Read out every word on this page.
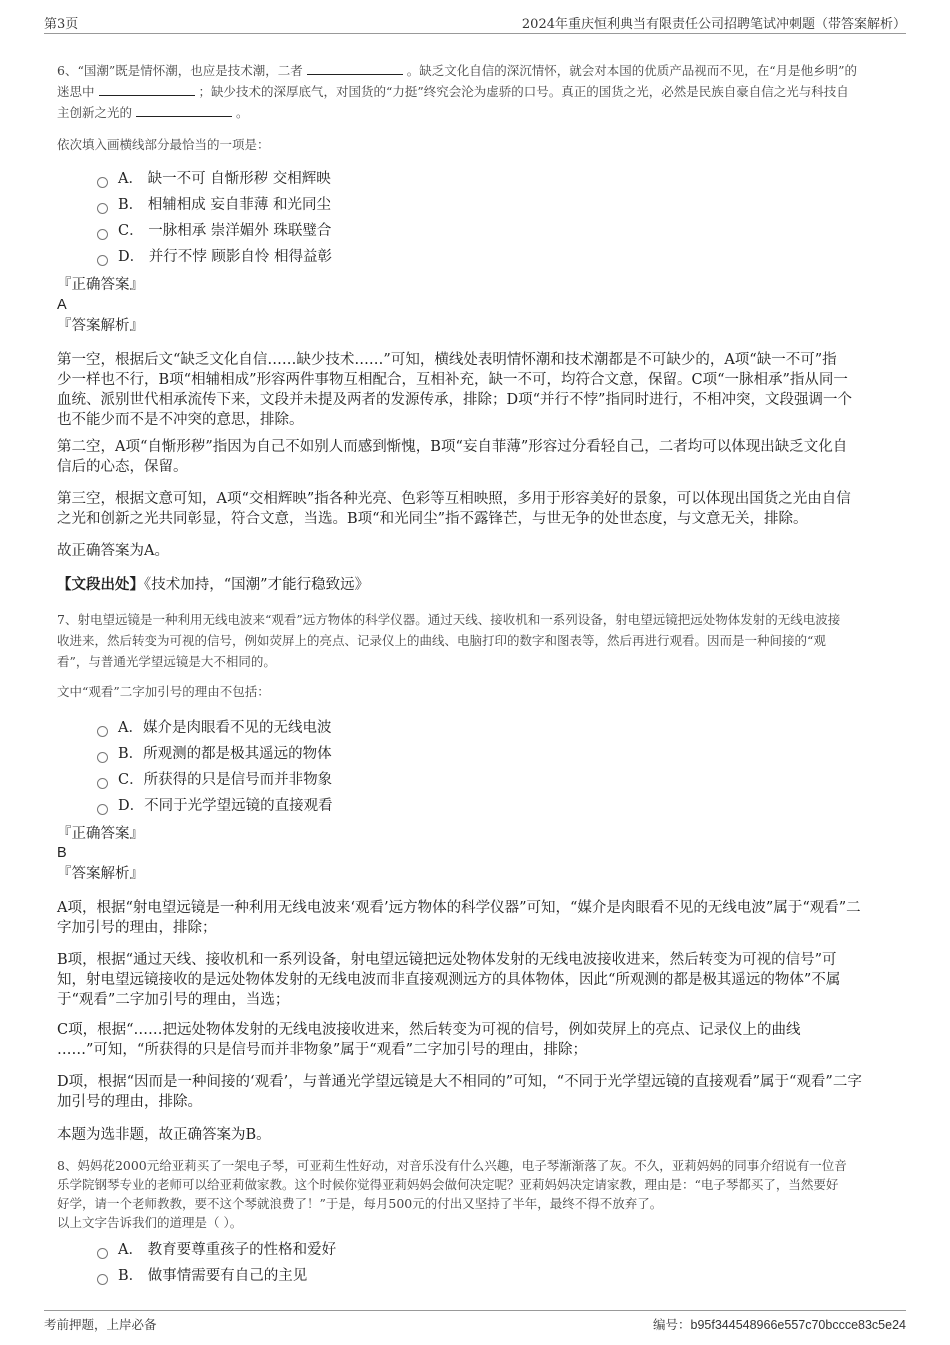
第3页	2024年重庆恒利典当有限责任公司招聘笔试冲刺题（带答案解析）
6、“国潮”既是情怀潮，也应是技术潮，二者	。缺乏文化自信的深沉情怀，就会对本国的优质产品视而不见，在“月是他乡明”的
迷思中	；缺少技术的深厚底气，对国货的“力挺”终究会沦为虚骄的口号。真正的国货之光，必然是民族自豪自信之光与科技自
主创新之光的	。
依次填入画横线部分最恰当的一项是：
A． 缺一不可 自惭形秽 交相辉映
B． 相辅相成 妄自菲薄 和光同尘
C． 一脉相承 崇洋媚外 珠联璧合
D． 并行不悖 顾影自怜 相得益彰
『正确答案』
A
『答案解析』
第一空，根据后文“缺乏文化自信……缺少技术……”可知，横线处表明情怀潮和技术潮都是不可缺少的，A项“缺一不可”指
少一样也不行，B项“相辅相成”形容两件事物互相配合，互相补充，缺一不可，均符合文意，保留。C项“一脉相承”指从同一
血统、派别世代相承流传下来，文段并未提及两者的发源传承，排除；D项“并行不悖”指同时进行，不相冲突，文段强调一个
也不能少而不是不冲突的意思，排除。
第二空，A项“自惭形秽”指因为自己不如别人而感到惭愧，B项“妄自菲薄”形容过分看轻自己，二者均可以体现出缺乏文化自
信后的心态，保留。
第三空，根据文意可知，A项“交相辉映”指各种光亮、色彩等互相映照，多用于形容美好的景象，可以体现出国货之光由自信
之光和创新之光共同彰显，符合文意，当选。B项“和光同尘”指不露锋芒，与世无争的处世态度，与文意无关，排除。
故正确答案为A。
【文段出处】《技术加持，“国潮”才能行稳致远》
7、射电望远镜是一种利用无线电波来“观看”远方物体的科学仪器。通过天线、接收机和一系列设备，射电望远镜把远处物体发射的无线电波接
收进来，然后转变为可视的信号，例如荧屏上的亮点、记录仪上的曲线、电脑打印的数字和图表等，然后再进行观看。因而是一种间接的“观
看”，与普通光学望远镜是大不相同的。
文中“观看”二字加引号的理由不包括：
A．媒介是肉眼看不见的无线电波
B．所观测的都是极其遥远的物体
C．所获得的只是信号而并非物象
D．不同于光学望远镜的直接观看
『正确答案』
B
『答案解析』
A项，根据“射电望远镜是一种利用无线电波来‘观看’远方物体的科学仪器”可知，“媒介是肉眼看不见的无线电波”属于“观看”二
字加引号的理由，排除；
B项，根据“通过天线、接收机和一系列设备，射电望远镜把远处物体发射的无线电波接收进来，然后转变为可视的信号”可
知，射电望远镜接收的是远处物体发射的无线电波而非直接观测远方的具体物体，因此“所观测的都是极其遥远的物体”不属
于“观看”二字加引号的理由，当选；
C项，根据“……把远处物体发射的无线电波接收进来，然后转变为可视的信号，例如荧屏上的亮点、记录仪上的曲线
……”可知，“所获得的只是信号而并非物象”属于“观看”二字加引号的理由，排除；
D项，根据“因而是一种间接的‘观看’，与普通光学望远镜是大不相同的”可知，“不同于光学望远镜的直接观看”属于“观看”二字
加引号的理由，排除。
本题为选非题，故正确答案为B。
8、妈妈花2000元给亚莉买了一架电子琴，可亚莉生性好动，对音乐没有什么兴趣，电子琴渐渐落了灰。不久，亚莉妈妈的同事介绍说有一位音
乐学院钢琴专业的老师可以给亚莉做家教。这个时候你觉得亚莉妈妈会做何决定呢？亚莉妈妈决定请家教，理由是：“电子琴都买了，当然要好
好学，请一个老师教教，要不这个琴就浪费了！”于是，每月500元的付出又坚持了半年，最终不得不放弃了。
以上文字告诉我们的道理是（ ）。
A． 教育要尊重孩子的性格和爱好
B． 做事情需要有自己的主见
考前押题，上岸必备	编号：b95f344548966e557c70bccce83c5e24
